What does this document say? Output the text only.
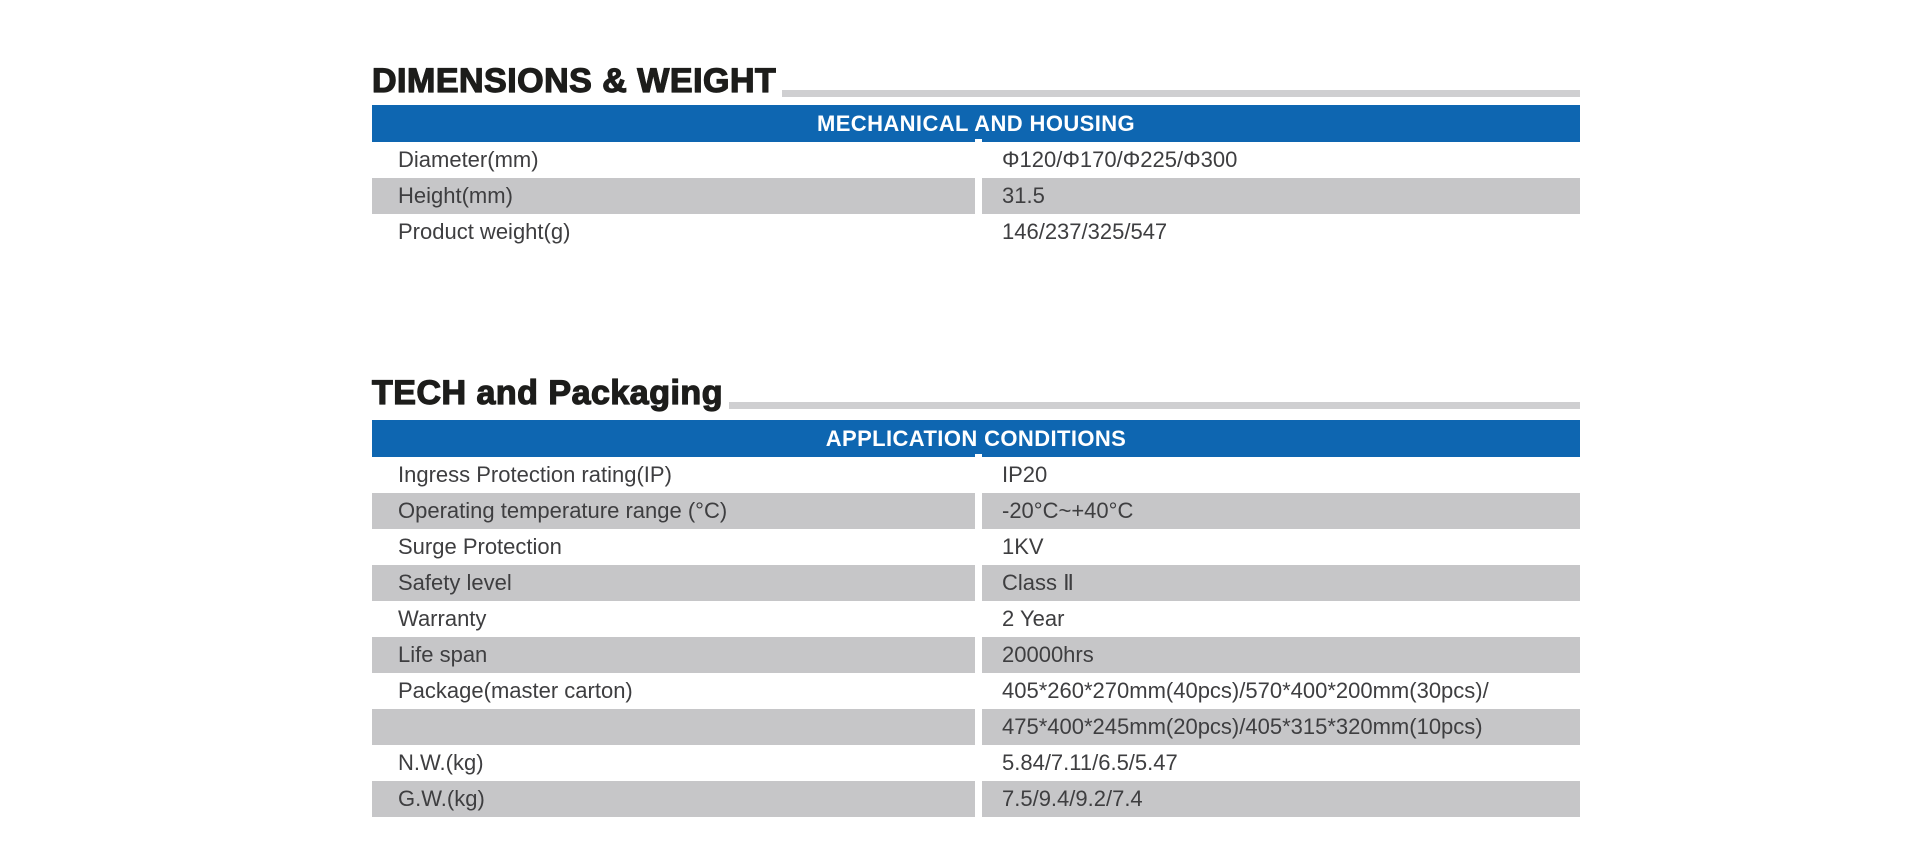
DIMENSIONS & WEIGHT
MECHANICAL AND HOUSING
Diameter(mm)	Φ120/Φ170/Φ225/Φ300
Height(mm)	31.5
Product weight(g)	146/237/325/547
TECH and Packaging
APPLICATION CONDITIONS
Ingress Protection rating(IP)	IP20
Operating temperature range (°C)	-20°C~+40°C
Surge Protection	1KV
Safety level	Class Ⅱ
Warranty	2 Year
Life span	20000hrs
Package(master carton)	405*260*270mm(40pcs)/570*400*200mm(30pcs)/
475*400*245mm(20pcs)/405*315*320mm(10pcs)
N.W.(kg)	5.84/7.11/6.5/5.47
G.W.(kg)	7.5/9.4/9.2/7.4
